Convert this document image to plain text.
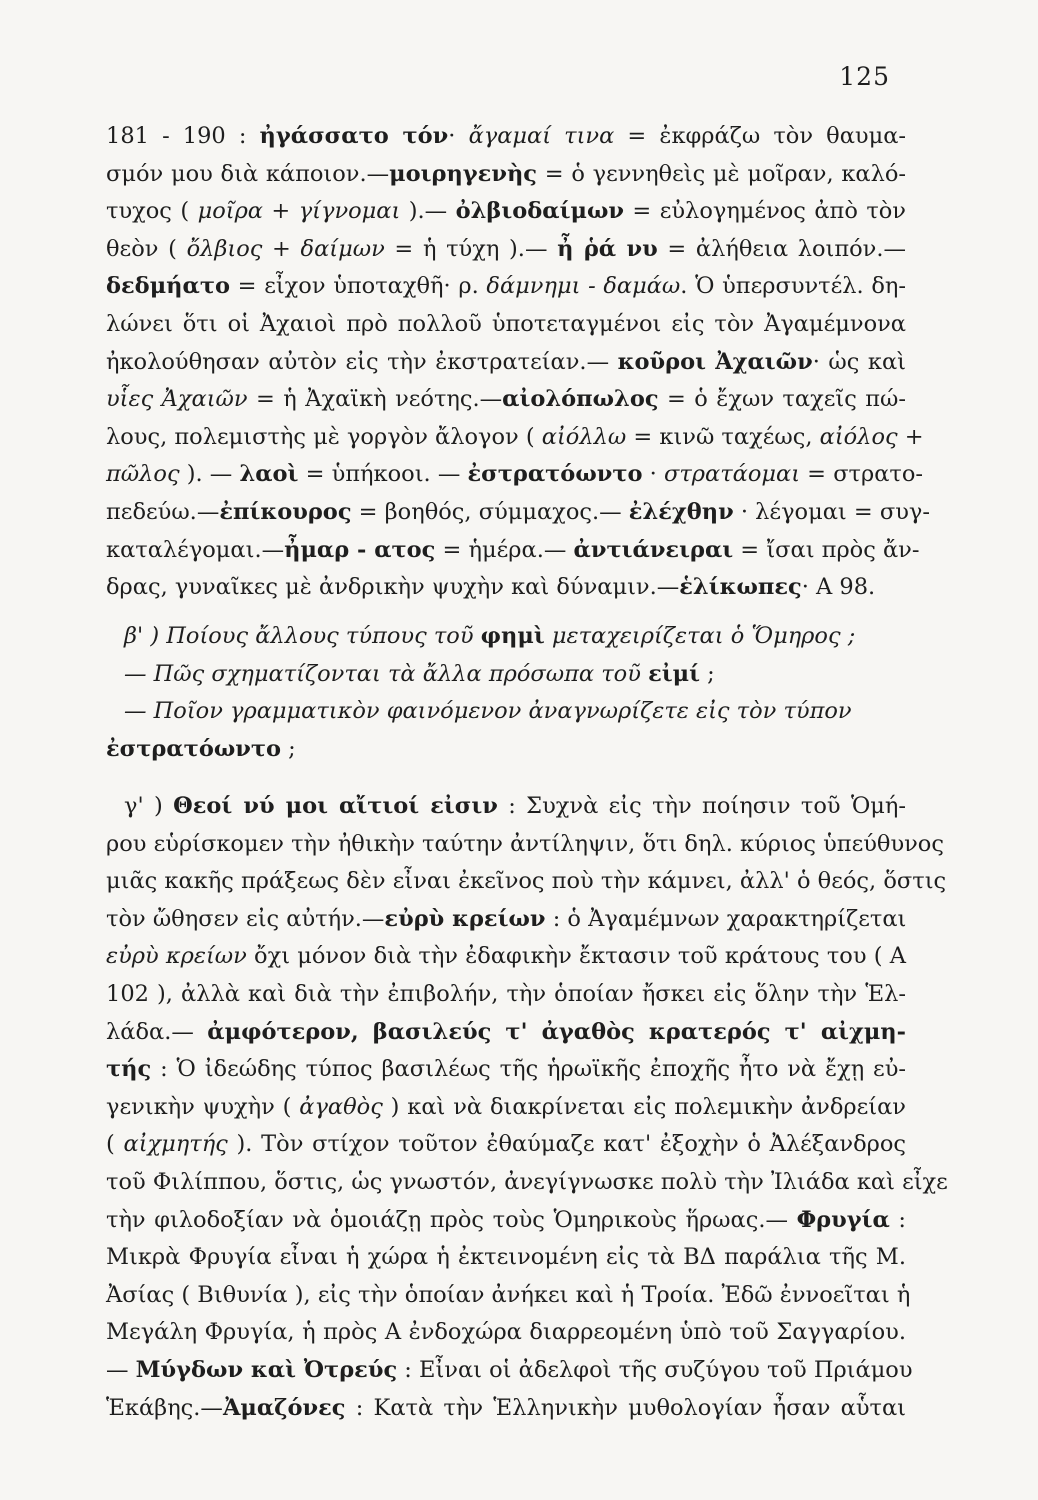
125
181 - 190 : ἠγάσσατο τόν· ἄγαμαί τινα = ἐκφράζω τὸν θαυμα-
σμόν μου διὰ κάποιον.—μοιρηγενὴς = ὁ γεννηθεὶς μὲ μοῖραν, καλό-
τυχος ( μοῖρα + γίγνομαι ).— ὀλβιοδαίμων = εὐλογημένος ἀπὸ τὸν
θεὸν ( ὄλβιος + δαίμων = ἡ τύχη ).— ἦ ῥά νυ = ἀλήθεια λοιπόν.—
δεδμήατο = εἶχον ὑποταχθῆ· ρ. δάμνημι - δαμάω. Ὁ ὑπερσυντέλ. δη-
λώνει ὅτι οἱ Ἀχαιοὶ πρὸ πολλοῦ ὑποτεταγμένοι εἰς τὸν Ἀγαμέμνονα
ἠκολούθησαν αὐτὸν εἰς τὴν ἐκστρατείαν.— κοῦροι Ἀχαιῶν· ὡς καὶ
υἷες Ἀχαιῶν = ἡ Ἀχαϊκὴ νεότης.—αἰολόπωλος = ὁ ἔχων ταχεῖς πώ-
λους, πολεμιστὴς μὲ γοργὸν ἄλογον ( αἰόλλω = κινῶ ταχέως, αἰόλος +
πῶλος ). — λαοὶ = ὑπήκοοι. — ἐστρατόωντο · στρατάομαι = στρατο-
πεδεύω.—ἐπίκουρος = βοηθός, σύμμαχος.— ἐλέχθην · λέγομαι = συγ-
καταλέγομαι.—ἦμαρ - ατος = ἡμέρα.— ἀντιάνειραι = ἴσαι πρὸς ἄν-
δρας, γυναῖκες μὲ ἀνδρικὴν ψυχὴν καὶ δύναμιν.—ἑλίκωπες· Α 98.
β' ) Ποίους ἄλλους τύπους τοῦ φημὶ μεταχειρίζεται ὁ Ὅμηρος ;
— Πῶς σχηματίζονται τὰ ἄλλα πρόσωπα τοῦ εἰμί ;
— Ποῖον γραμματικὸν φαινόμενον ἀναγνωρίζετε εἰς τὸν τύπον
ἐστρατόωντο ;
γ' ) Θεοί νύ μοι αἴτιοί εἰσιν : Συχνὰ εἰς τὴν ποίησιν τοῦ Ὁμή-
ρου εὑρίσκομεν τὴν ἠθικὴν ταύτην ἀντίληψιν, ὅτι δηλ. κύριος ὑπεύθυνος
μιᾶς κακῆς πράξεως δὲν εἶναι ἐκεῖνος ποὺ τὴν κάμνει, ἀλλ' ὁ θεός, ὅστις
τὸν ὤθησεν εἰς αὐτήν.—εὐρὺ κρείων : ὁ Ἀγαμέμνων χαρακτηρίζεται
εὐρὺ κρείων ὄχι μόνον διὰ τὴν ἐδαφικὴν ἔκτασιν τοῦ κράτους του ( Α
102 ), ἀλλὰ καὶ διὰ τὴν ἐπιβολήν, τὴν ὁποίαν ἤσκει εἰς ὅλην τὴν Ἑλ-
λάδα.— ἀμφότερον, βασιλεύς τ' ἀγαθὸς κρατερός τ' αἰχμη-
τής : Ὁ ἰδεώδης τύπος βασιλέως τῆς ἡρωϊκῆς ἐποχῆς ἦτο νὰ ἔχῃ εὐ-
γενικὴν ψυχὴν ( ἀγαθὸς ) καὶ νὰ διακρίνεται εἰς πολεμικὴν ἀνδρείαν
( αἰχμητής ). Τὸν στίχον τοῦτον ἐθαύμαζε κατ' ἐξοχὴν ὁ Ἀλέξανδρος
τοῦ Φιλίππου, ὅστις, ὡς γνωστόν, ἀνεγίγνωσκε πολὺ τὴν Ἰλιάδα καὶ εἶχε
τὴν φιλοδοξίαν νὰ ὁμοιάζῃ πρὸς τοὺς Ὁμηρικοὺς ἥρωας.— Φρυγία :
Μικρὰ Φρυγία εἶναι ἡ χώρα ἡ ἐκτεινομένη εἰς τὰ ΒΔ παράλια τῆς Μ.
Ἀσίας ( Βιθυνία ), εἰς τὴν ὁποίαν ἀνήκει καὶ ἡ Τροία. Ἐδῶ ἐννοεῖται ἡ
Μεγάλη Φρυγία, ἡ πρὸς Α ἐνδοχώρα διαρρεομένη ὑπὸ τοῦ Σαγγαρίου.
— Μύγδων καὶ Ὀτρεύς : Εἶναι οἱ ἀδελφοὶ τῆς συζύγου τοῦ Πριάμου
Ἑκάβης.—Ἀμαζόνες : Κατὰ τὴν Ἑλληνικὴν μυθολογίαν ἦσαν αὗται
